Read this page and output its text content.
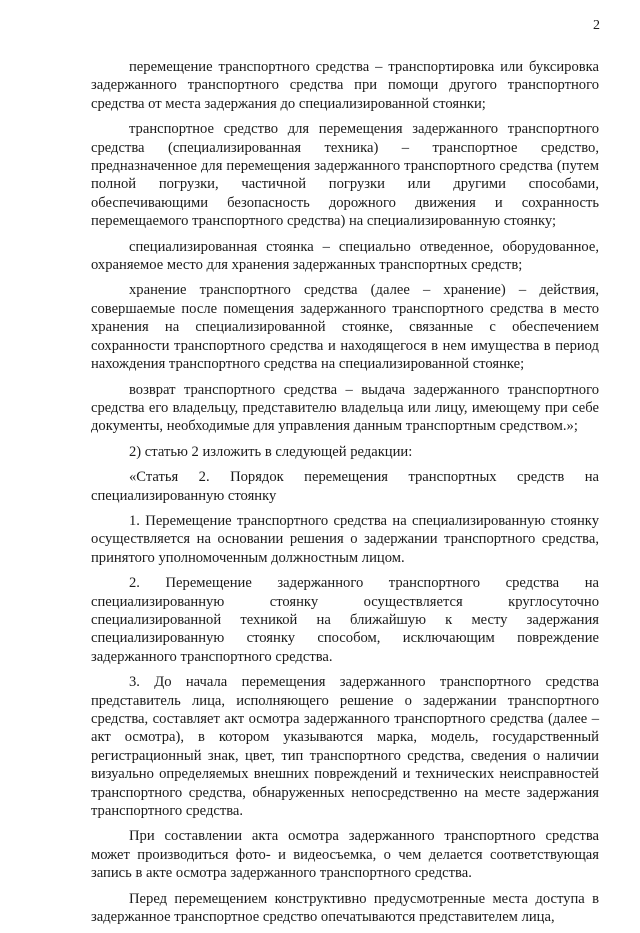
2

перемещение транспортного средства – транспортировка или буксировка задержанного транспортного средства при помощи другого транспортного средства от места задержания до специализированной стоянки;

транспортное средство для перемещения задержанного транспортного средства (специализированная техника) – транспортное средство, предназначенное для перемещения задержанного транспортного средства (путем полной погрузки, частичной погрузки или другими способами, обеспечивающими безопасность дорожного движения и сохранность перемещаемого транспортного средства) на специализированную стоянку;

специализированная стоянка – специально отведенное, оборудованное, охраняемое место для хранения задержанных транспортных средств;

хранение транспортного средства (далее – хранение) – действия, совершаемые после помещения задержанного транспортного средства в место хранения на специализированной стоянке, связанные с обеспечением сохранности транспортного средства и находящегося в нем имущества в период нахождения транспортного средства на специализированной стоянке;

возврат транспортного средства – выдача задержанного транспортного средства его владельцу, представителю владельца или лицу, имеющему при себе документы, необходимые для управления данным транспортным средством.»;

2) статью 2 изложить в следующей редакции:

«Статья 2. Порядок перемещения транспортных средств на специализированную стоянку

1. Перемещение транспортного средства на специализированную стоянку осуществляется на основании решения о задержании транспортного средства, принятого уполномоченным должностным лицом.

2. Перемещение задержанного транспортного средства на специализированную стоянку осуществляется круглосуточно специализированной техникой на ближайшую к месту задержания специализированную стоянку способом, исключающим повреждение задержанного транспортного средства.

3. До начала перемещения задержанного транспортного средства представитель лица, исполняющего решение о задержании транспортного средства, составляет акт осмотра задержанного транспортного средства (далее – акт осмотра), в котором указываются марка, модель, государственный регистрационный знак, цвет, тип транспортного средства, сведения о наличии визуально определяемых внешних повреждений и технических неисправностей транспортного средства, обнаруженных непосредственно на месте задержания транспортного средства.

При составлении акта осмотра задержанного транспортного средства может производиться фото- и видеосъемка, о чем делается соответствующая запись в акте осмотра задержанного транспортного средства.

Перед перемещением конструктивно предусмотренные места доступа в задержанное транспортное средство опечатываются представителем лица,
